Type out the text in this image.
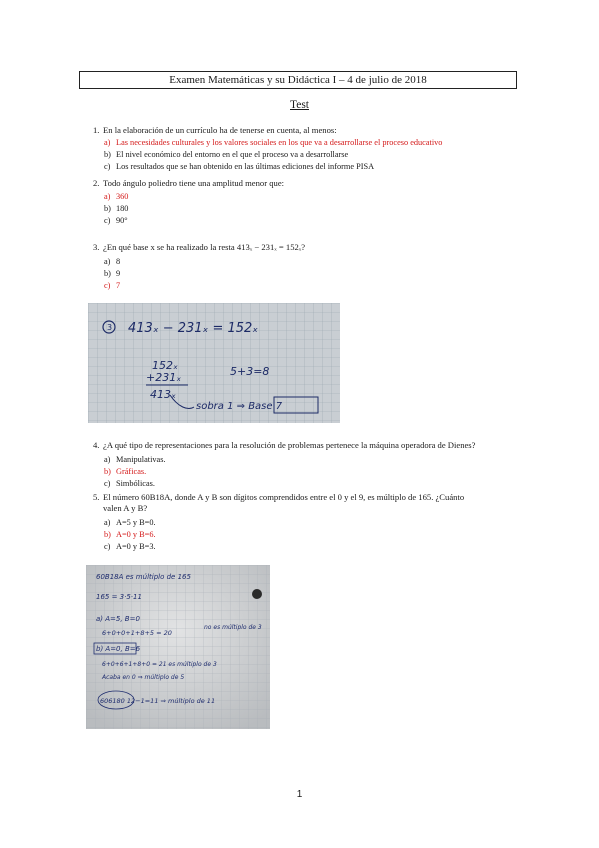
Examen Matemáticas y su Didáctica I – 4 de julio de 2018
Test
1. En la elaboración de un currículo ha de tenerse en cuenta, al menos:
a) Las necesidades culturales y los valores sociales en los que va a desarrollarse el proceso educativo
b) El nivel económico del entorno en el que el proceso va a desarrollarse
c) Los resultados que se han obtenido en las últimas ediciones del informe PISA
2. Todo ángulo poliedro tiene una amplitud menor que:
a) 360
b) 180
c) 90°
3. ¿En qué base x se ha realizado la resta 413ₓ − 231ₓ = 152ₓ?
a) 8
b) 9
c) 7
3 413ₓ − 231ₓ = 152ₓ
152ₓ
+231ₓ
413ₓ
5+3=8
sobra 1 ⇒ Base 7
4. ¿A qué tipo de representaciones para la resolución de problemas pertenece la máquina operadora de Dienes?
a) Manipulativas.
b) Gráficas.
c) Simbólicas.
5. El número 60B18A, donde A y B son dígitos comprendidos entre el 0 y el 9, es múltiplo de 165. ¿Cuánto
valen A y B?
a) A=5 y B=0.
b) A=0 y B=6.
c) A=0 y B=3.
60B18A es múltiplo de 165
165 = 3·5·11
a) A=5, B=0
6+0+0+1+8+5 = 20
no es múltiplo de 3
b) A=0, B=6
6+0+6+1+8+0 = 21 es múltiplo de 3
Acaba en 0 ⇒ múltiplo de 5
606180 12−1=11 ⇒ múltiplo de 11
1
